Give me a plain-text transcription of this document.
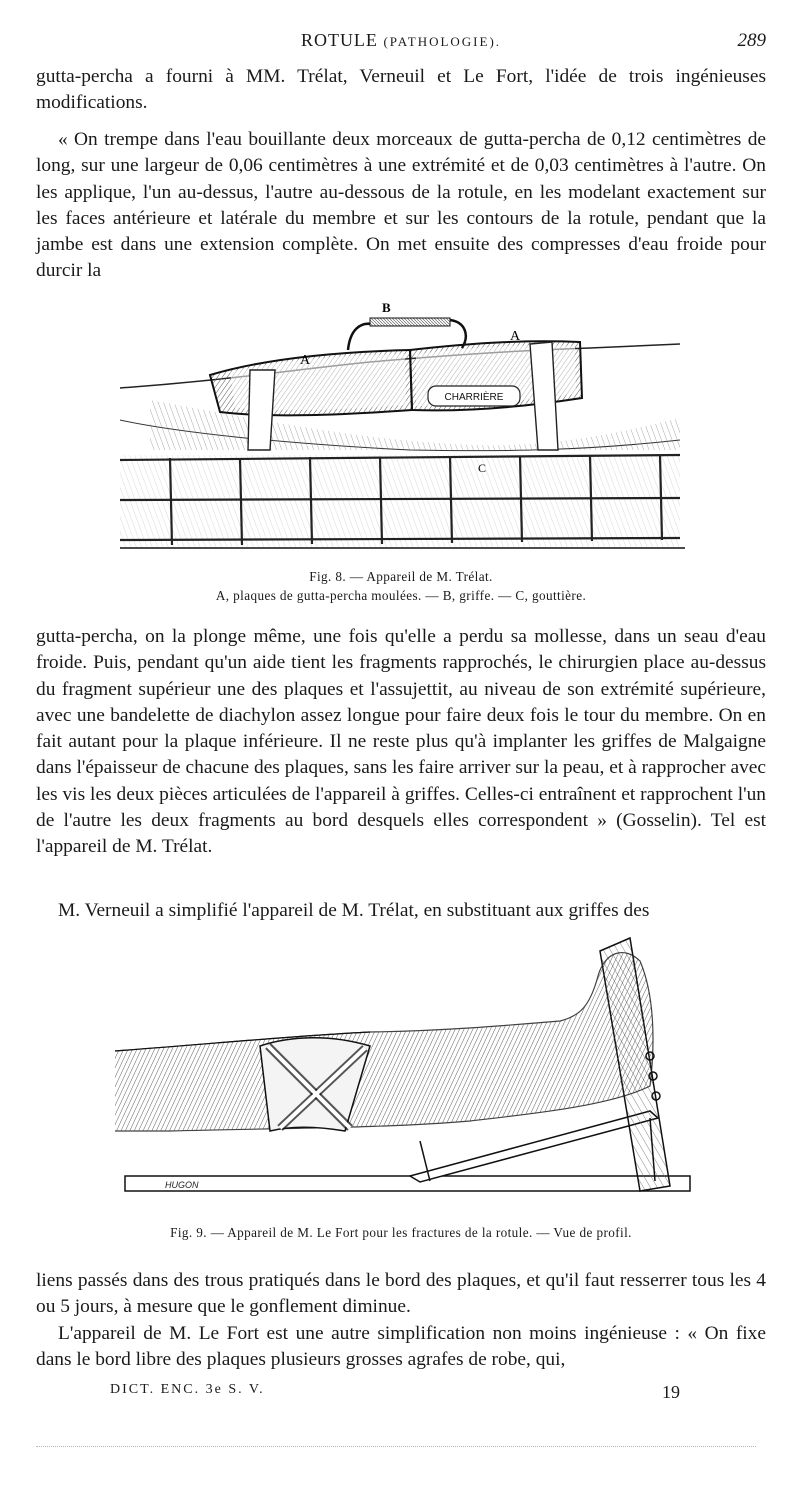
ROTULE (PATHOLOGIE).	289

gutta-percha a fourni à MM. Trélat, Verneuil et Le Fort, l'idée de trois ingénieuses modifications.

« On trempe dans l'eau bouillante deux morceaux de gutta-percha de 0,12 centimètres de long, sur une largeur de 0,06 centimètres à une extrémité et de 0,03 centimètres à l'autre. On les applique, l'un au-dessus, l'autre au-dessous de la rotule, en les modelant exactement sur les faces antérieure et latérale du membre et sur les contours de la rotule, pendant que la jambe est dans une extension complète. On met ensuite des compresses d'eau froide pour durcir la

CHARRIÈRE
B
A
A
C
Fig. 8. — Appareil de M. Trélat.
A, plaques de gutta-percha moulées. — B, griffe. — C, gouttière.

gutta-percha, on la plonge même, une fois qu'elle a perdu sa mollesse, dans un seau d'eau froide. Puis, pendant qu'un aide tient les fragments rapprochés, le chirurgien place au-dessus du fragment supérieur une des plaques et l'assujettit, au niveau de son extrémité supérieure, avec une bandelette de diachylon assez longue pour faire deux fois le tour du membre. On en fait autant pour la plaque inférieure. Il ne reste plus qu'à implanter les griffes de Malgaigne dans l'épaisseur de chacune des plaques, sans les faire arriver sur la peau, et à rapprocher avec les vis les deux pièces articulées de l'appareil à griffes. Celles-ci entraînent et rapprochent l'un de l'autre les deux fragments au bord desquels elles correspondent » (Gosselin). Tel est l'appareil de M. Trélat.

M. Verneuil a simplifié l'appareil de M. Trélat, en substituant aux griffes des

HUGON
Fig. 9. — Appareil de M. Le Fort pour les fractures de la rotule. — Vue de profil.

liens passés dans des trous pratiqués dans le bord des plaques, et qu'il faut resserrer tous les 4 ou 5 jours, à mesure que le gonflement diminue.

L'appareil de M. Le Fort est une autre simplification non moins ingénieuse : « On fixe dans le bord libre des plaques plusieurs grosses agrafes de robe, qui,

DICT. ENC. 3e S. V.	19
